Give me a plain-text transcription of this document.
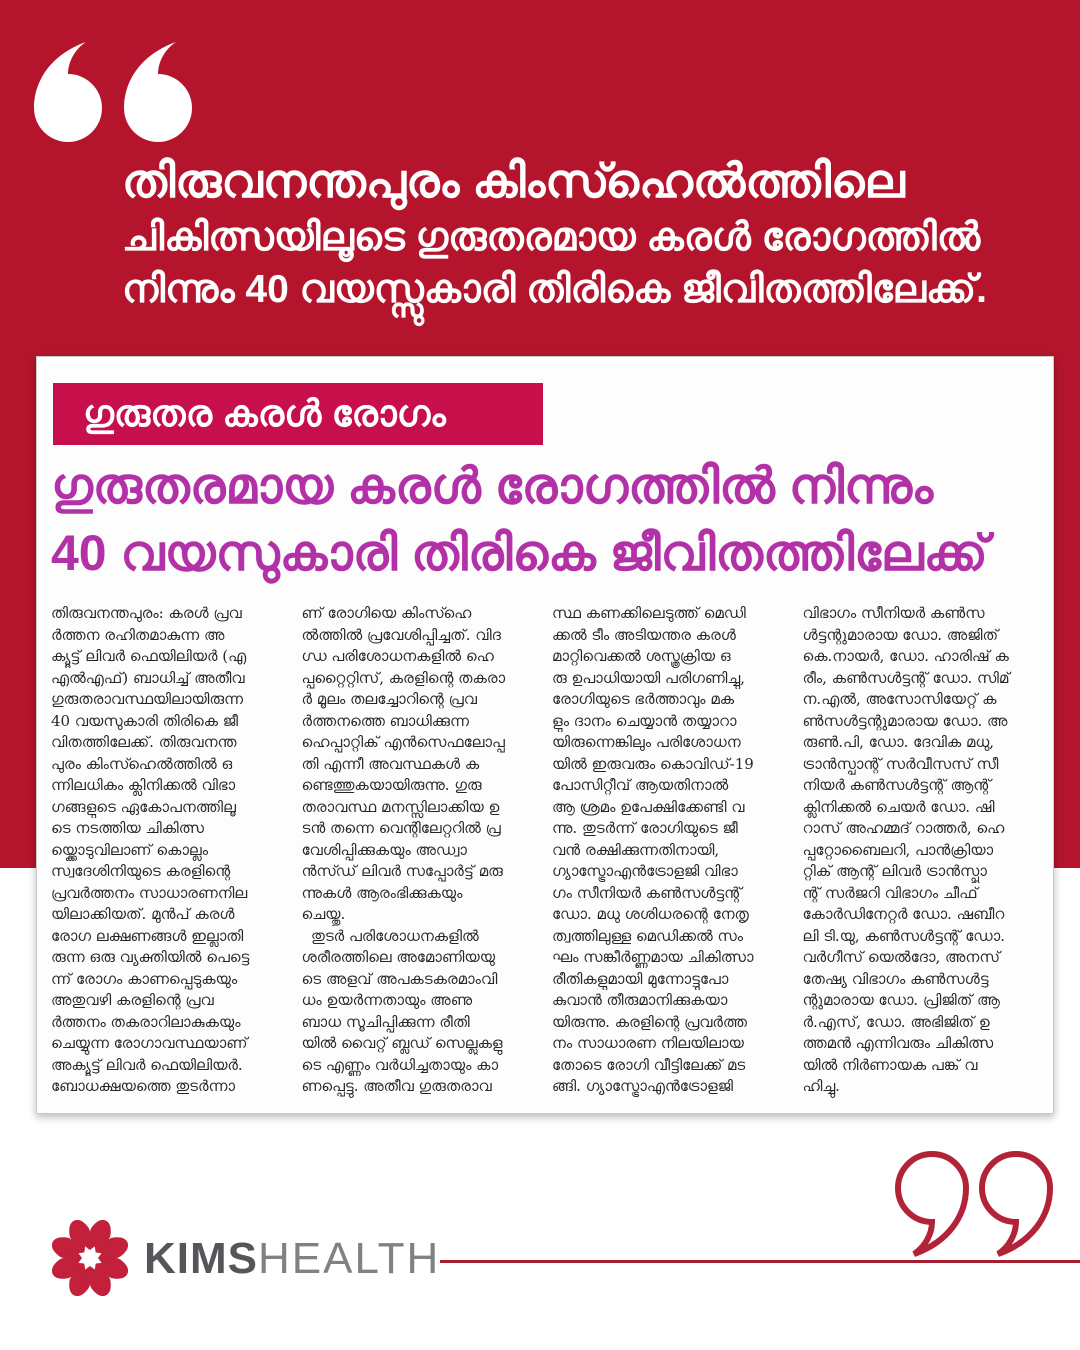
തിരുവനന്തപുരം കിംസ്ഹെൽത്തിലെ
ചികിത്സയിലൂടെ ഗുരുതരമായ കരൾ രോഗത്തിൽ
നിന്നും 40 വയസ്സുകാരി തിരികെ ജീവിതത്തിലേക്ക്.
ഗുരുതര കരൾ രോഗം
ഗുരുതരമായ കരൾ രോഗത്തിൽ നിന്നും
40 വയസുകാരി തിരികെ ജീവിതത്തിലേക്ക്
തിരുവനന്തപുരം: കരൾ പ്രവ
ർത്തന രഹിതമാകുന്ന അ
ക്യൂട്ട് ലിവർ ഫെയിലിയർ (എ
എൽഎഫ്) ബാധിച്ച് അതീവ
ഗുരുതരാവസ്ഥയിലായിരുന്ന
40 വയസുകാരി തിരികെ ജീ
വിതത്തിലേക്ക്. തിരുവനന്ത
പുരം കിംസ്ഹെൽത്തിൽ ഒ
ന്നിലധികം ക്ലിനിക്കൽ വിഭാ
ഗങ്ങളുടെ ഏകോപനത്തിലൂ
ടെ നടത്തിയ ചികിത്സ
യ്ക്കൊടുവിലാണ് കൊല്ലം
സ്വദേശിനിയുടെ കരളിന്റെ
പ്രവർത്തനം സാധാരണനില
യിലാക്കിയത്. മുൻപ് കരൾ
രോഗ ലക്ഷണങ്ങൾ ഇല്ലാതി
രുന്ന ഒരു വ്യക്തിയിൽ പെട്ടെ
ന്ന് രോഗം കാണപ്പെടുകയും
അതുവഴി കരളിന്റെ പ്രവ
ർത്തനം തകരാറിലാകുകയും
ചെയ്യുന്ന രോഗാവസ്ഥയാണ്
അക്യൂട്ട് ലിവർ ഫെയിലിയർ.
ബോധക്ഷയത്തെ തുടർന്നാ
ണ് രോഗിയെ കിംസ്ഹെ
ൽത്തിൽ പ്രവേശിപ്പിച്ചത്. വിദ
ഗ്ധ പരിശോധനകളിൽ ഹെ
പ്പറ്റൈറ്റിസ്, കരളിന്റെ തകരാ
ർ മൂലം തലച്ചോറിന്റെ പ്രവ
ർത്തനത്തെ ബാധിക്കുന്ന
ഹെപ്പാറ്റിക് എൻസെഫലോപ്പ
തി എന്നീ അവസ്ഥകൾ ക
ണ്ടെത്തുകയായിരുന്നു. ഗുരു
തരാവസ്ഥ മനസ്സിലാക്കിയ ഉ
ടൻ തന്നെ വെന്റിലേറ്ററിൽ പ്ര
വേശിപ്പിക്കുകയും അഡ്വാ
ൻസ്ഡ് ലിവർ സപ്പോർട്ട് മരു
ന്നുകൾ ആരംഭിക്കുകയും
ചെയ്തു.
തുടർ പരിശോധനകളിൽ
ശരീരത്തിലെ അമോണിയയു
ടെ അളവ് അപകടകരമാംവി
ധം ഉയർന്നതായും അണു
ബാധ സൂചിപ്പിക്കുന്ന രീതി
യിൽ വൈറ്റ് ബ്ലഡ് സെല്ലുകളു
ടെ എണ്ണം വർധിച്ചതായും കാ
ണപ്പെട്ടു. അതീവ ഗുരുതരാവ
സ്ഥ കണക്കിലെടുത്ത് മെഡി
ക്കൽ ടീം അടിയന്തര കരൾ
മാറ്റിവെക്കൽ ശസ്ത്രക്രിയ ഒ
രു ഉപാധിയായി പരിഗണിച്ചു,
രോഗിയുടെ ഭർത്താവും മക
ളും ദാനം ചെയ്യാൻ തയ്യാറാ
യിരുന്നെങ്കിലും പരിശോധന
യിൽ ഇരുവരും കൊവിഡ്-19
പോസിറ്റീവ് ആയതിനാൽ
ആ ശ്രമം ഉപേക്ഷിക്കേണ്ടി വ
ന്നു. തുടർന്ന് രോഗിയുടെ ജീ
വൻ രക്ഷിക്കുന്നതിനായി,
ഗ്യാസ്ട്രോഎൻട്രോളജി വിഭാ
ഗം സീനിയർ കൺസൾട്ടന്റ്
ഡോ. മധു ശശിധരന്റെ നേതൃ
ത്വത്തിലുള്ള മെഡിക്കൽ സം
ഘം സങ്കീർണ്ണമായ ചികിത്സാ
രീതികളുമായി മുന്നോട്ടുപോ
കുവാൻ തീരുമാനിക്കുകയാ
യിരുന്നു. കരളിന്റെ പ്രവർത്ത
നം സാധാരണ നിലയിലായ
തോടെ രോഗി വീട്ടിലേക്ക് മട
ങ്ങി. ഗ്യാസ്ട്രോഎൻട്രോളജി
വിഭാഗം സീനിയർ കൺസ
ൾട്ടന്റുമാരായ ഡോ. അജിത്
കെ.നായർ, ഡോ. ഹാരിഷ് ക
രീം, കൺസൾട്ടന്റ് ഡോ. സിമ്
ന.എൽ, അസോസിയേറ്റ് ക
ൺസൾട്ടന്റുമാരായ ഡോ. അ
രുൺ.പി, ഡോ. ദേവിക മധു,
ട്രാൻസ്പ്ലാന്റ് സർവീസസ് സീ
നിയർ കൺസൾട്ടന്റ് ആന്റ്
ക്ലിനിക്കൽ ചെയർ ഡോ. ഷി
റാസ് അഹമ്മദ് റാത്തർ, ഹെ
പ്പറ്റോബൈലറി, പാൻക്രിയാ
റ്റിക് ആന്റ് ലിവർ ട്രാൻസ്പ്ലാ
ന്റ് സർജറി വിഭാഗം ചീഫ്
കോർഡിനേറ്റർ ഡോ. ഷബീറ
ലി ടി.യു, കൺസൾട്ടന്റ് ഡോ.
വർഗീസ് യെൽദോ, അനസ്
തേഷ്യ വിഭാഗം കൺസൾട്ട
ന്റുമാരായ ഡോ. പ്രിജിത് ആ
ർ.എസ്, ഡോ. അഭിജിത് ഉ
ത്തമൻ എന്നിവരും ചികിത്സ
യിൽ നിർണായക പങ്ക് വ
ഹിച്ചു.
KIMSHEALTH
